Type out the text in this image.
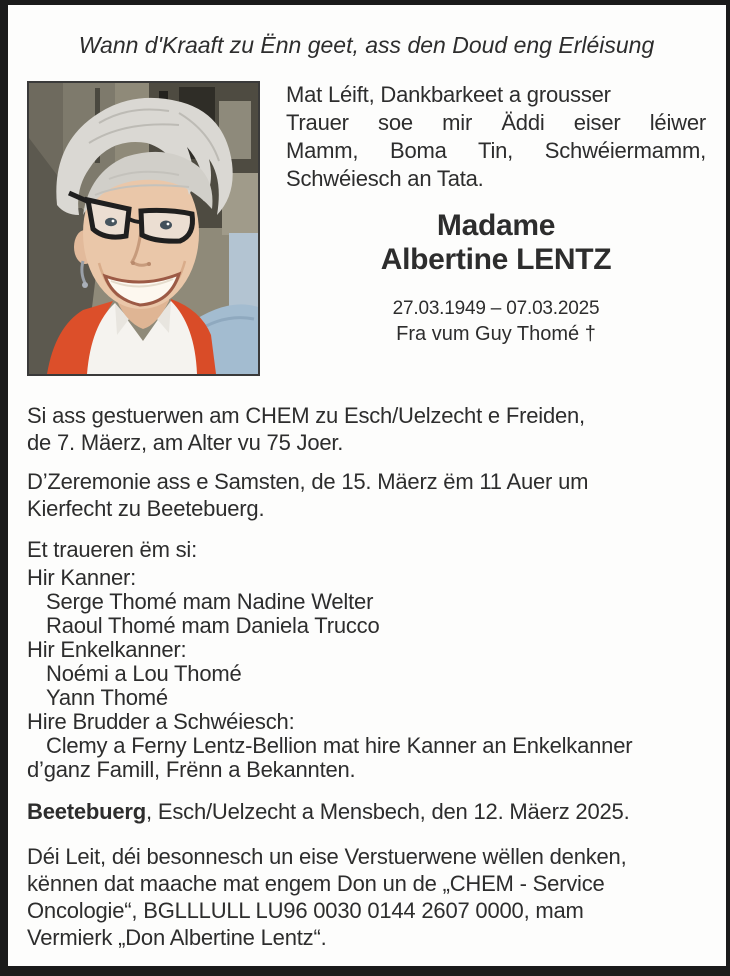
Wann d'Kraaft zu Ënn geet, ass den Doud eng Erléisung
Mat Léift, Dankbarkeet a grousser
Trauer soe mir Äddi eiser léiwer
Mamm, Boma Tin, Schwéiermamm,
Schwéiesch an Tata.
Madame
Albertine LENTZ
27.03.1949 – 07.03.2025
Fra vum Guy Thomé †
Si ass gestuerwen am CHEM zu Esch/Uelzecht e Freiden,
de 7. Mäerz, am Alter vu 75 Joer.
D’Zeremonie ass e Samsten, de 15. Mäerz ëm 11 Auer um
Kierfecht zu Beetebuerg.
Et traueren ëm si:
Hir Kanner:
Serge Thomé mam Nadine Welter
Raoul Thomé mam Daniela Trucco
Hir Enkelkanner:
Noémi a Lou Thomé
Yann Thomé
Hire Brudder a Schwéiesch:
Clemy a Ferny Lentz-Bellion mat hire Kanner an Enkelkanner
d’ganz Famill, Frënn a Bekannten.
Beetebuerg, Esch/Uelzecht a Mensbech, den 12. Mäerz 2025.
Déi Leit, déi besonnesch un eise Verstuerwene wëllen denken,
kënnen dat maache mat engem Don un de „CHEM - Service
Oncologie“, BGLLLULL LU96 0030 0144 2607 0000, mam
Vermierk „Don Albertine Lentz“.
